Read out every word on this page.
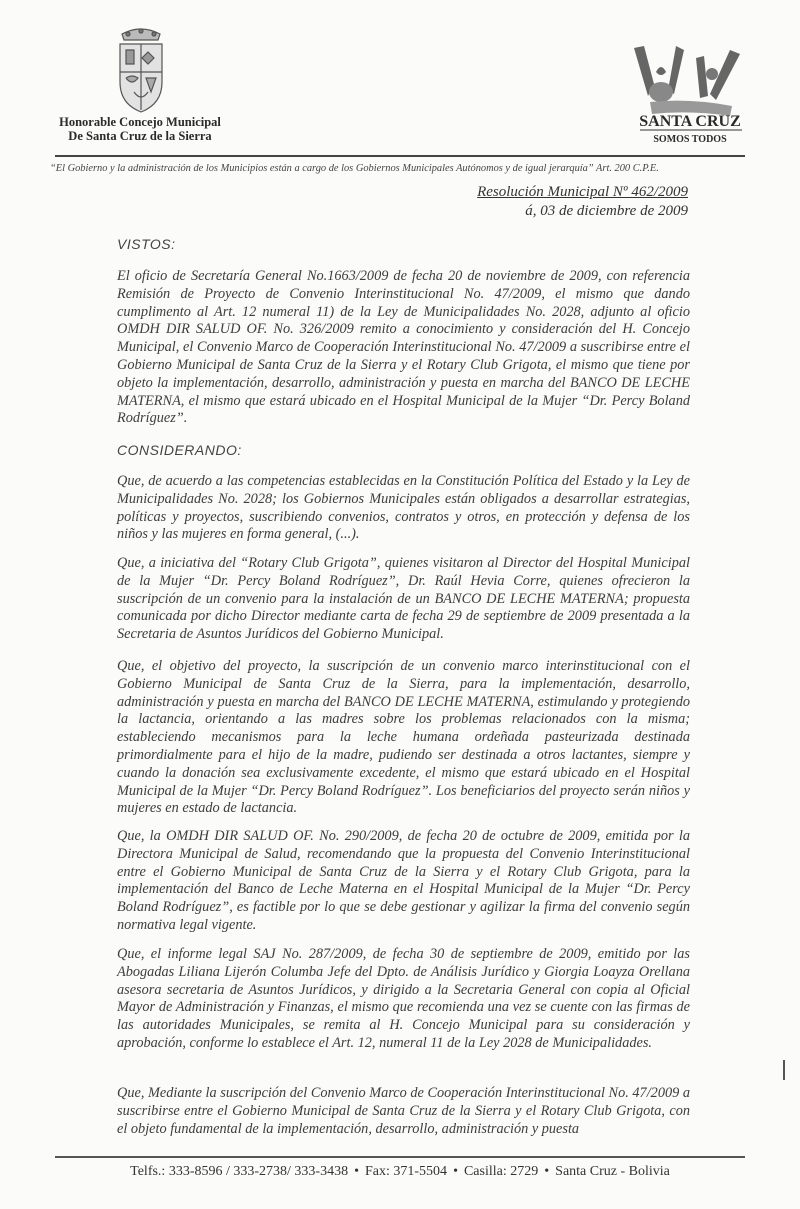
Honorable Concejo Municipal
De Santa Cruz de la Sierra
SANTA CRUZ
SOMOS TODOS
“El Gobierno y la administración de los Municipios están a cargo de los Gobiernos Municipales Autónomos y de igual jerarquía” Art. 200 C.P.E.
Resolución Municipal Nº 462/2009
á, 03 de diciembre de 2009
VISTOS:
El oficio de Secretaría General No.1663/2009 de fecha 20 de noviembre de 2009, con referencia Remisión de Proyecto de Convenio Interinstitucional No. 47/2009, el mismo que dando cumplimento al Art. 12 numeral 11) de la Ley de Municipalidades No. 2028, adjunto al oficio OMDH DIR SALUD OF. No. 326/2009 remito a conocimiento y consideración del H. Concejo Municipal, el Convenio Marco de Cooperación Interinstitucional No. 47/2009 a suscribirse entre el Gobierno Municipal de Santa Cruz de la Sierra y el Rotary Club Grigota, el mismo que tiene por objeto la implementación, desarrollo, administración y puesta en marcha del BANCO DE LECHE MATERNA, el mismo que estará ubicado en el Hospital Municipal de la Mujer “Dr. Percy Boland Rodríguez”.
CONSIDERANDO:
Que, de acuerdo a las competencias establecidas en la Constitución Política del Estado y la Ley de Municipalidades No. 2028; los Gobiernos Municipales están obligados a desarrollar estrategias, políticas y proyectos, suscribiendo convenios, contratos y otros, en protección y defensa de los niños y las mujeres en forma general, (...).
Que, a iniciativa del “Rotary Club Grigota”, quienes visitaron al Director del Hospital Municipal de la Mujer “Dr. Percy Boland Rodríguez”, Dr. Raúl Hevia Corre, quienes ofrecieron la suscripción de un convenio para la instalación de un BANCO DE LECHE MATERNA; propuesta comunicada por dicho Director mediante carta de fecha 29 de septiembre de 2009 presentada a la Secretaria de Asuntos Jurídicos del Gobierno Municipal.
Que, el objetivo del proyecto, la suscripción de un convenio marco interinstitucional con el Gobierno Municipal de Santa Cruz de la Sierra, para la implementación, desarrollo, administración y puesta en marcha del BANCO DE LECHE MATERNA, estimulando y protegiendo la lactancia, orientando a las madres sobre los problemas relacionados con la misma; estableciendo mecanismos para la leche humana ordeñada pasteurizada destinada primordialmente para el hijo de la madre, pudiendo ser destinada a otros lactantes, siempre y cuando la donación sea exclusivamente excedente, el mismo que estará ubicado en el Hospital Municipal de la Mujer “Dr. Percy Boland Rodríguez”. Los beneficiarios del proyecto serán niños y mujeres en estado de lactancia.
Que, la OMDH DIR SALUD OF. No. 290/2009, de fecha 20 de octubre de 2009, emitida por la Directora Municipal de Salud, recomendando que la propuesta del Convenio Interinstitucional entre el Gobierno Municipal de Santa Cruz de la Sierra y el Rotary Club Grigota, para la implementación del Banco de Leche Materna en el Hospital Municipal de la Mujer “Dr. Percy Boland Rodríguez”, es factible por lo que se debe gestionar y agilizar la firma del convenio según normativa legal vigente.
Que, el informe legal SAJ No. 287/2009, de fecha 30 de septiembre de 2009, emitido por las Abogadas Liliana Lijerón Columba Jefe del Dpto. de Análisis Jurídico y Giorgia Loayza Orellana asesora secretaria de Asuntos Jurídicos, y dirigido a la Secretaria General con copia al Oficial Mayor de Administración y Finanzas, el mismo que recomienda una vez se cuente con las firmas de las autoridades Municipales, se remita al H. Concejo Municipal para su consideración y aprobación, conforme lo establece el Art. 12, numeral 11 de la Ley 2028 de Municipalidades.
Que, Mediante la suscripción del Convenio Marco de Cooperación Interinstitucional No. 47/2009 a suscribirse entre el Gobierno Municipal de Santa Cruz de la Sierra y el Rotary Club Grigota, con el objeto fundamental de la implementación, desarrollo, administración y puesta
Telfs.: 333-8596 / 333-2738/ 333-3438 • Fax: 371-5504 • Casilla: 2729 • Santa Cruz - Bolivia
